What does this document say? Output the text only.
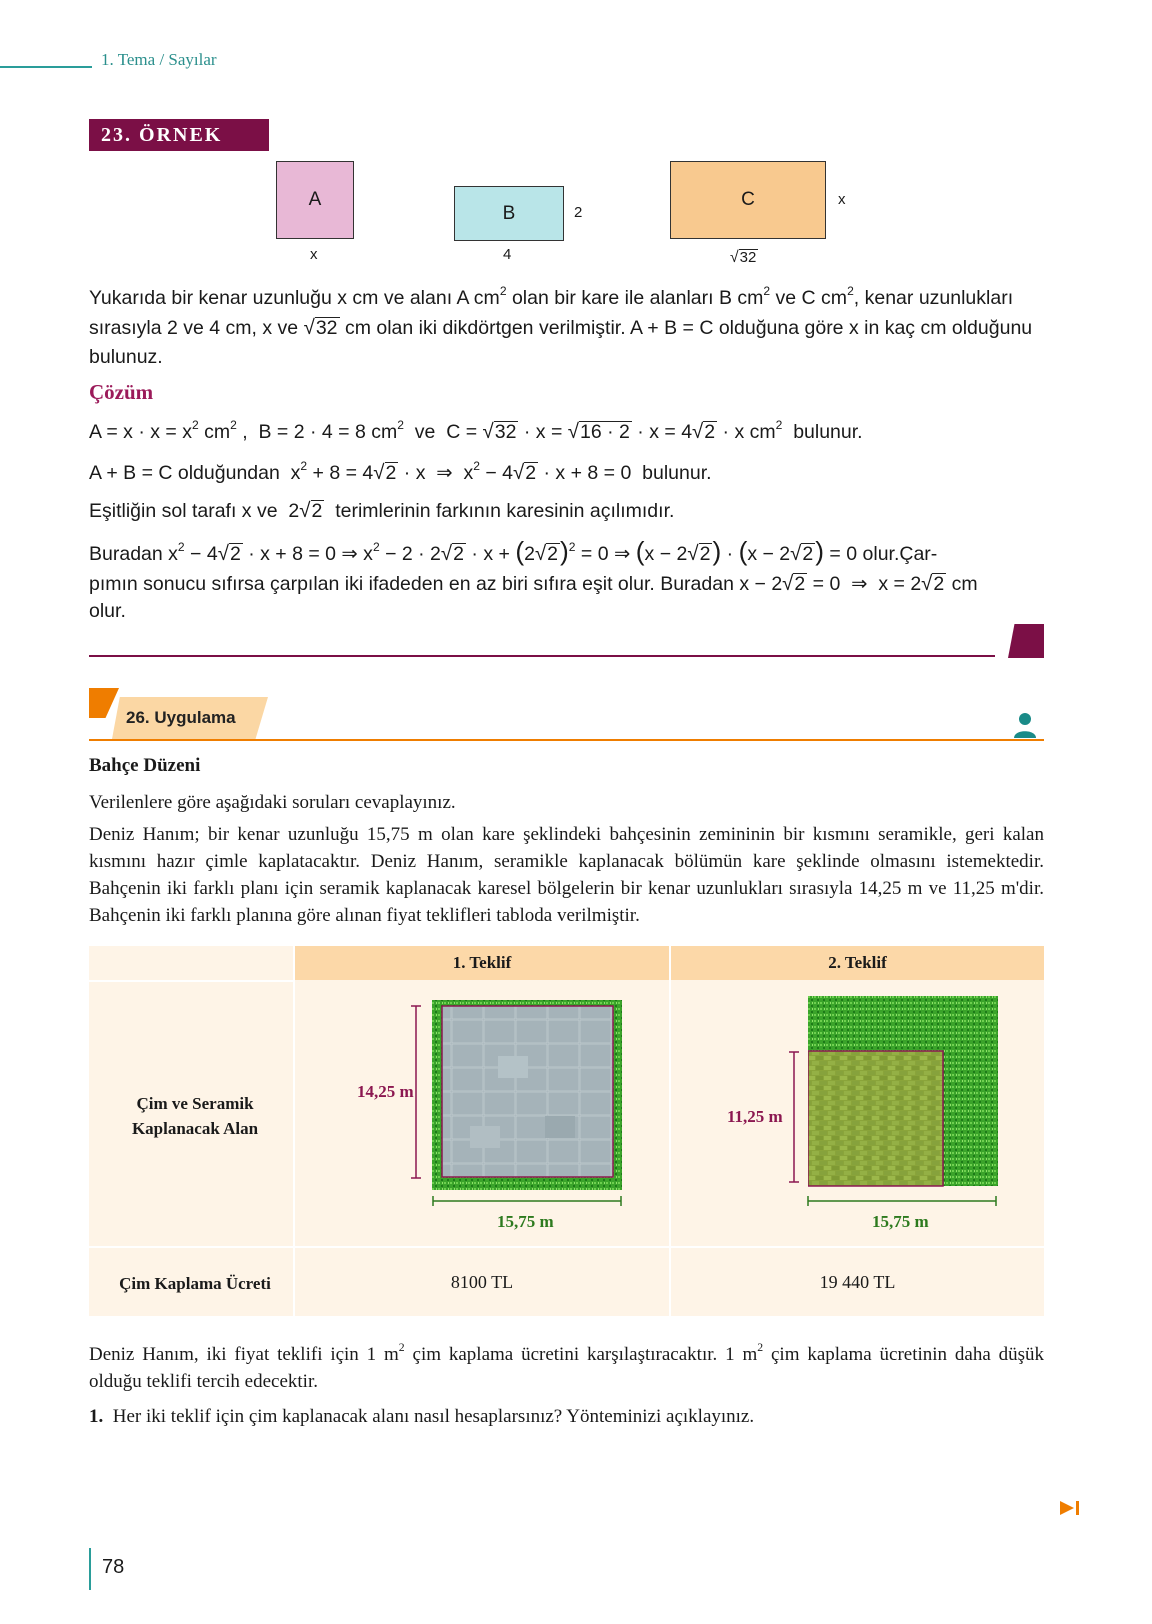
1. Tema / Sayılar
23. ÖRNEK
A
x
B
4
2
C
√32
x
Yukarıda bir kenar uzunluğu x cm ve alanı A $cm^2$ olan bir kare ile alanları B $cm^2$ ve C $cm^2$, kenar uzunlukları sırasıyla 2 ve 4 cm, x ve √32 cm olan iki dikdörtgen verilmiştir. A + B = C olduğuna göre x in kaç cm olduğunu bulunuz.
Çözüm
$A = x \cdot x = x^2$ $cm^2$ ,  B = 2 · 4 = 8 $cm^2$  ve  C = √32 · x = √16 · 2 · x = 4√2 · x $cm^2$  bulunur.
A + B = C olduğundan  $x^2 + 8 = 4√2 \cdot x$  ⇒  $x^2 - 4√2 \cdot x + 8 = 0$  bulunur.
Eşitliğin sol tarafı x ve  2√2 terimlerinin farkının karesinin açılımıdır.
Buradan $x^2 - 4√2 \cdot x + 8 = 0$ ⇒ $x^2 - 2 \cdot 2√2 \cdot x + (2√2)^2 = 0$ ⇒ (x − 2√2) · (x − 2√2) = 0 olur.Çar-
pımın sonucu sıfırsa çarpılan iki ifadeden en az biri sıfıra eşit olur. Buradan x − 2√2 = 0  ⇒  x = 2√2 cm
olur.
26. Uygulama
Bahçe Düzeni
Verilenlere göre aşağıdaki soruları cevaplayınız.
Deniz Hanım; bir kenar uzunluğu 15,75 m olan kare şeklindeki bahçesinin zemininin bir kısmını seramikle, geri kalan kısmını hazır çimle kaplatacaktır. Deniz Hanım, seramikle kaplanacak bölümün kare şeklinde olmasını istemektedir. Bahçenin iki farklı planı için seramik kaplanacak karesel bölgelerin bir kenar uzunlukları sırasıyla 14,25 m ve 11,25 m'dir. Bahçenin iki farklı planına göre alınan fiyat teklifleri tabloda verilmiştir.
1. Teklif	2. Teklif
Çim ve Seramik
Kaplanacak Alan
Çim Kaplama Ücreti
14,25 m
15,75 m
11,25 m
15,75 m
8100 TL	19 440 TL
Deniz Hanım, iki fiyat teklifi için 1 $m^2$ çim kaplama ücretini karşılaştıracaktır. 1 $m^2$ çim kaplama ücretinin daha düşük olduğu teklifi tercih edecektir.
1. Her iki teklif için çim kaplanacak alanı nasıl hesaplarsınız? Yönteminizi açıklayınız.
78
